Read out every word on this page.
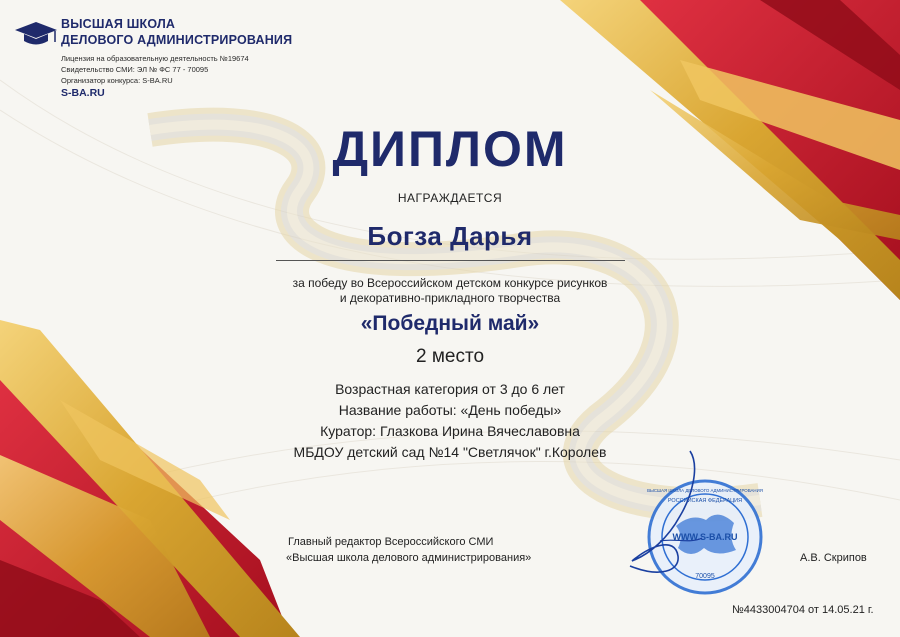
ВЫСШАЯ ШКОЛА
ДЕЛОВОГО АДМИНИСТРИРОВАНИЯ
Лицензия на образовательную деятельность №19674
Свидетельство СМИ: ЭЛ № ФС 77 - 70095
Организатор конкурса: S-BA.RU
S-BA.RU
ДИПЛОМ
НАГРАЖДАЕТСЯ
Богза Дарья
за победу во Всероссийском детском конкурсе рисунков
и декоративно-прикладного творчества
«Победный май»
2 место
Возрастная категория от 3 до 6 лет
Название работы: «День победы»
Куратор: Глазкова Ирина Вячеславовна
МБДОУ детский сад №14 "Светлячок" г.Королев
Главный редактор Всероссийского СМИ
«Высшая школа делового администрирования»
WWW.S-BA.RU
70095
РОССИЙСКАЯ ФЕДЕРАЦИЯ
ВЫСШАЯ ШКОЛА ДЕЛОВОГО АДМИНИСТРИРОВАНИЯ
А.В. Скрипов
№4433004704 от 14.05.21 г.
